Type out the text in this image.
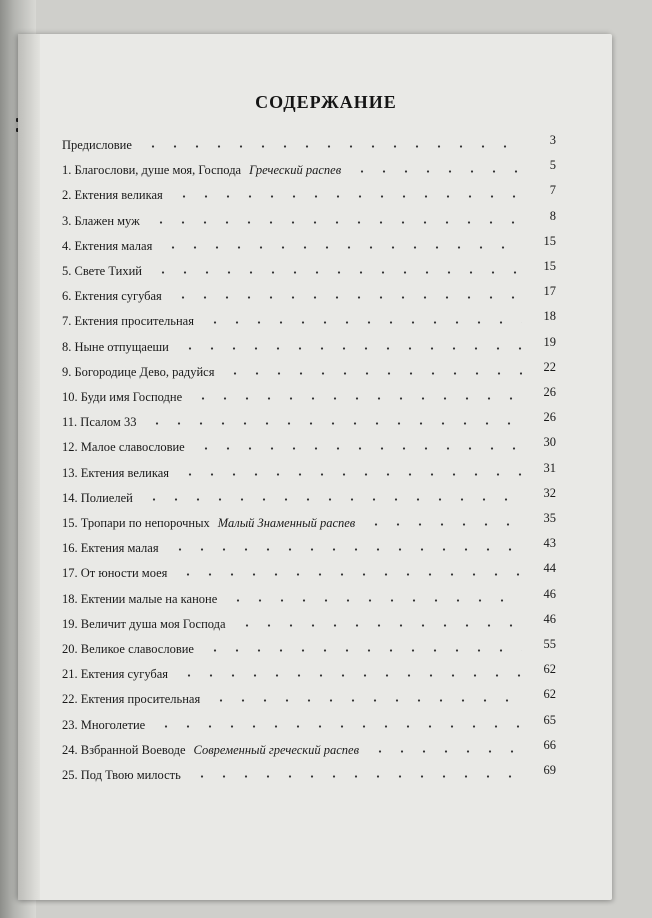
СОДЕРЖАНИЕ
Предисловие	3
1. Благослови, душе моя, Господа Греческий распев	5
2. Ектения великая	7
3. Блажен муж	8
4. Ектения малая	15
5. Свете Тихий	15
6. Ектения сугубая	17
7. Ектения просительная	18
8. Ныне отпущаеши	19
9. Богородице Дево, радуйся	22
10. Буди имя Господне	26
11. Псалом 33	26
12. Малое славословие	30
13. Ектения великая	31
14. Полиелей	32
15. Тропари по непорочных Малый Знаменный распев	35
16. Ектения малая	43
17. От юности моея	44
18. Ектении малые на каноне	46
19. Величит душа моя Господа	46
20. Великое славословие	55
21. Ектения сугубая	62
22. Ектения просительная	62
23. Многолетие	65
24. Взбранной Воеводе Современный греческий распев	66
25. Под Твою милость	69
